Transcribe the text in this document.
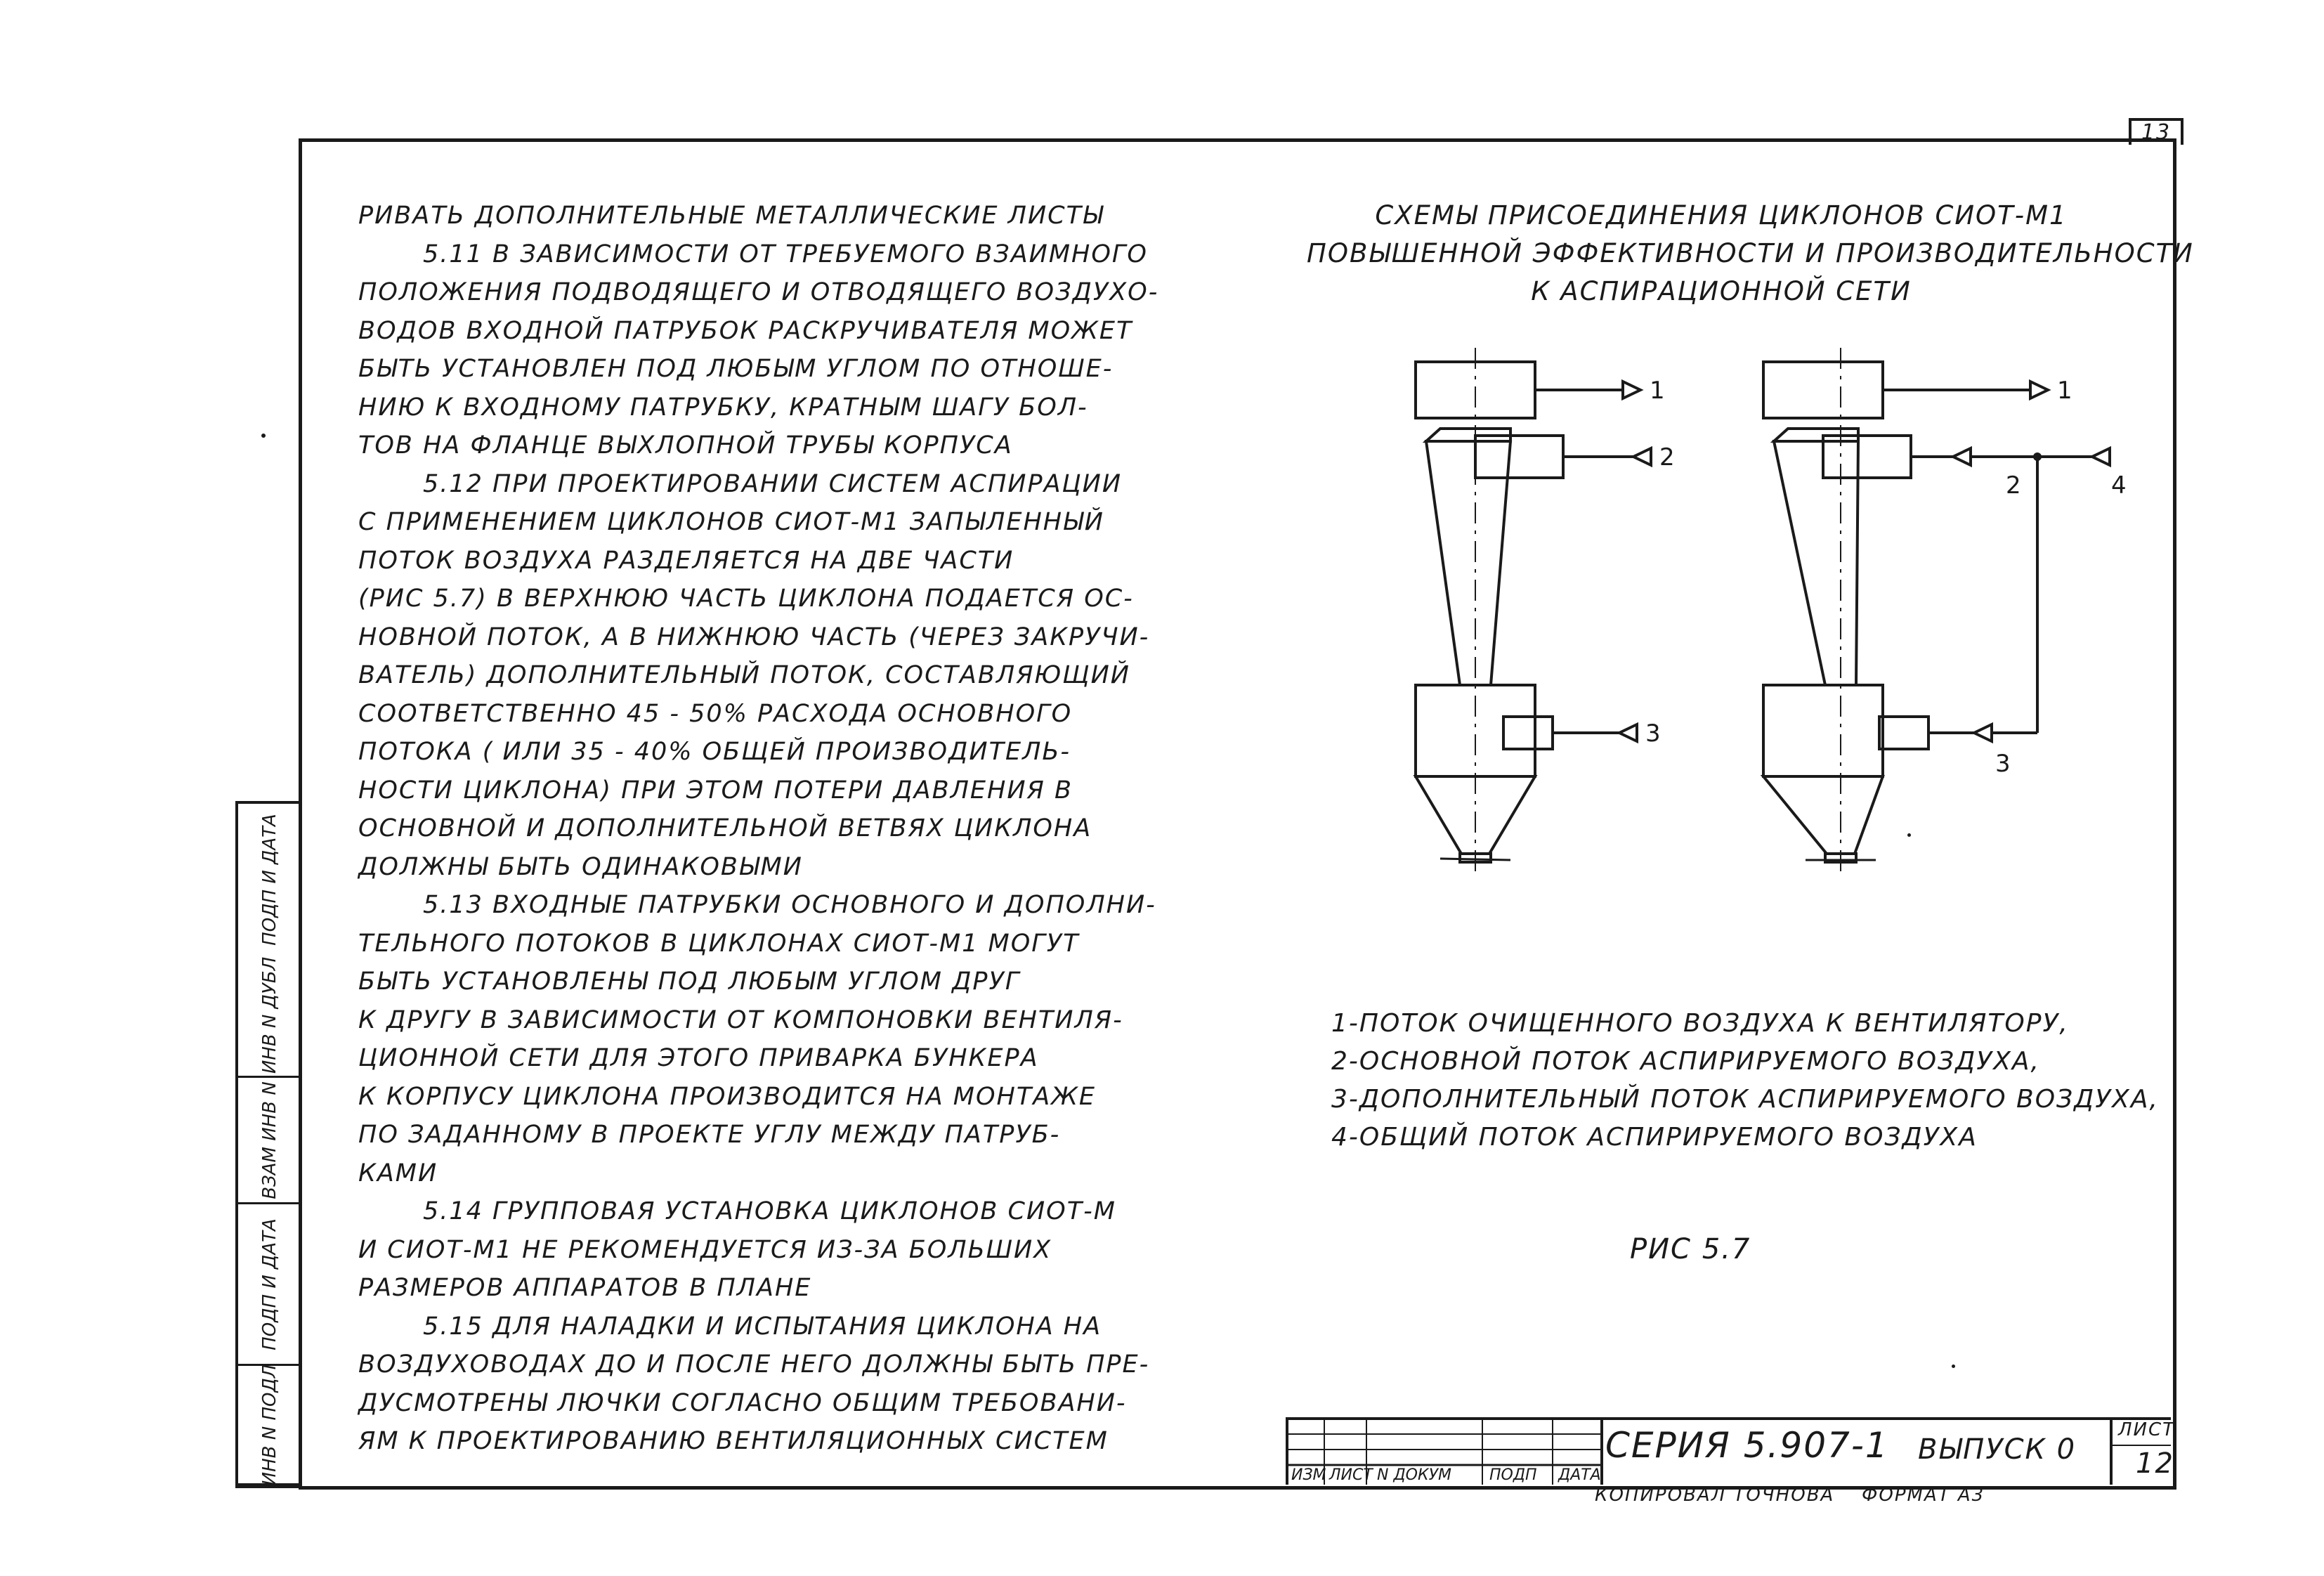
13

РИВАТЬ ДОПОЛНИТЕЛЬНЫЕ МЕТАЛЛИЧЕСКИЕ ЛИСТЫ

5.11 В ЗАВИСИМОСТИ ОТ ТРЕБУЕМОГО ВЗАИМНОГО

ПОЛОЖЕНИЯ ПОДВОДЯЩЕГО И ОТВОДЯЩЕГО ВОЗДУХО-

ВОДОВ ВХОДНОЙ ПАТРУБОК РАСКРУЧИВАТЕЛЯ МОЖЕТ

БЫТЬ УСТАНОВЛЕН ПОД ЛЮБЫМ УГЛОМ ПО ОТНОШЕ-

НИЮ К ВХОДНОМУ ПАТРУБКУ, КРАТНЫМ ШАГУ БОЛ-

ТОВ НА ФЛАНЦЕ ВЫХЛОПНОЙ ТРУБЫ КОРПУСА

5.12 ПРИ ПРОЕКТИРОВАНИИ СИСТЕМ АСПИРАЦИИ

С ПРИМЕНЕНИЕМ ЦИКЛОНОВ СИОТ-М1 ЗАПЫЛЕННЫЙ

ПОТОК ВОЗДУХА РАЗДЕЛЯЕТСЯ НА ДВЕ ЧАСТИ

(РИС 5.7) В ВЕРХНЮЮ ЧАСТЬ ЦИКЛОНА ПОДАЕТСЯ ОС-

НОВНОЙ ПОТОК, А В НИЖНЮЮ ЧАСТЬ (ЧЕРЕЗ ЗАКРУЧИ-

ВАТЕЛЬ) ДОПОЛНИТЕЛЬНЫЙ ПОТОК, СОСТАВЛЯЮЩИЙ

СООТВЕТСТВЕННО 45 - 50% РАСХОДА ОСНОВНОГО

ПОТОКА ( ИЛИ 35 - 40% ОБЩЕЙ ПРОИЗВОДИТЕЛЬ-

НОСТИ ЦИКЛОНА) ПРИ ЭТОМ ПОТЕРИ ДАВЛЕНИЯ В

ОСНОВНОЙ И ДОПОЛНИТЕЛЬНОЙ ВЕТВЯХ ЦИКЛОНА

ДОЛЖНЫ БЫТЬ ОДИНАКОВЫМИ

5.13 ВХОДНЫЕ ПАТРУБКИ ОСНОВНОГО И ДОПОЛНИ-

ТЕЛЬНОГО ПОТОКОВ В ЦИКЛОНАХ СИОТ-М1 МОГУТ

БЫТЬ УСТАНОВЛЕНЫ ПОД ЛЮБЫМ УГЛОМ ДРУГ

К ДРУГУ В ЗАВИСИМОСТИ ОТ КОМПОНОВКИ ВЕНТИЛЯ-

ЦИОННОЙ СЕТИ ДЛЯ ЭТОГО ПРИВАРКА БУНКЕРА

К КОРПУСУ ЦИКЛОНА ПРОИЗВОДИТСЯ НА МОНТАЖЕ

ПО ЗАДАННОМУ В ПРОЕКТЕ УГЛУ МЕЖДУ ПАТРУБ-

КАМИ

5.14 ГРУППОВАЯ УСТАНОВКА ЦИКЛОНОВ СИОТ-М

И СИОТ-М1 НЕ РЕКОМЕНДУЕТСЯ ИЗ-ЗА БОЛЬШИХ

РАЗМЕРОВ АППАРАТОВ В ПЛАНЕ

5.15 ДЛЯ НАЛАДКИ И ИСПЫТАНИЯ ЦИКЛОНА НА

ВОЗДУХОВОДАХ ДО И ПОСЛЕ НЕГО ДОЛЖНЫ БЫТЬ ПРЕ-

ДУСМОТРЕНЫ ЛЮЧКИ СОГЛАСНО ОБЩИМ ТРЕБОВАНИ-

ЯМ К ПРОЕКТИРОВАНИЮ ВЕНТИЛЯЦИОННЫХ СИСТЕМ

СХЕМЫ ПРИСОЕДИНЕНИЯ ЦИКЛОНОВ СИОТ-М1

ПОВЫШЕННОЙ ЭФФЕКТИВНОСТИ И ПРОИЗВОДИТЕЛЬНОСТИ

К АСПИРАЦИОННОЙ СЕТИ

1
2
3
1
2	4
3

1-ПОТОК ОЧИЩЕННОГО ВОЗДУХА К ВЕНТИЛЯТОРУ,

2-ОСНОВНОЙ ПОТОК АСПИРИРУЕМОГО ВОЗДУХА,

3-ДОПОЛНИТЕЛЬНЫЙ ПОТОК АСПИРИРУЕМОГО ВОЗДУХА,

4-ОБЩИЙ ПОТОК АСПИРИРУЕМОГО ВОЗДУХА

РИС 5.7
ИНВ N ПОДЛ
ПОДП И ДАТА
ВЗАМ ИНВ N
ИНВ N ДУБЛ
ПОДП И ДАТА
ИЗМ ЛИСТ N ДОКУМ ПОДП ДАТА
СЕРИЯ 5.907-1 ВЫПУСК 0
ЛИСТ
12
КОПИРОВАЛ ТОЧНОВА ФОРМАТ А3
